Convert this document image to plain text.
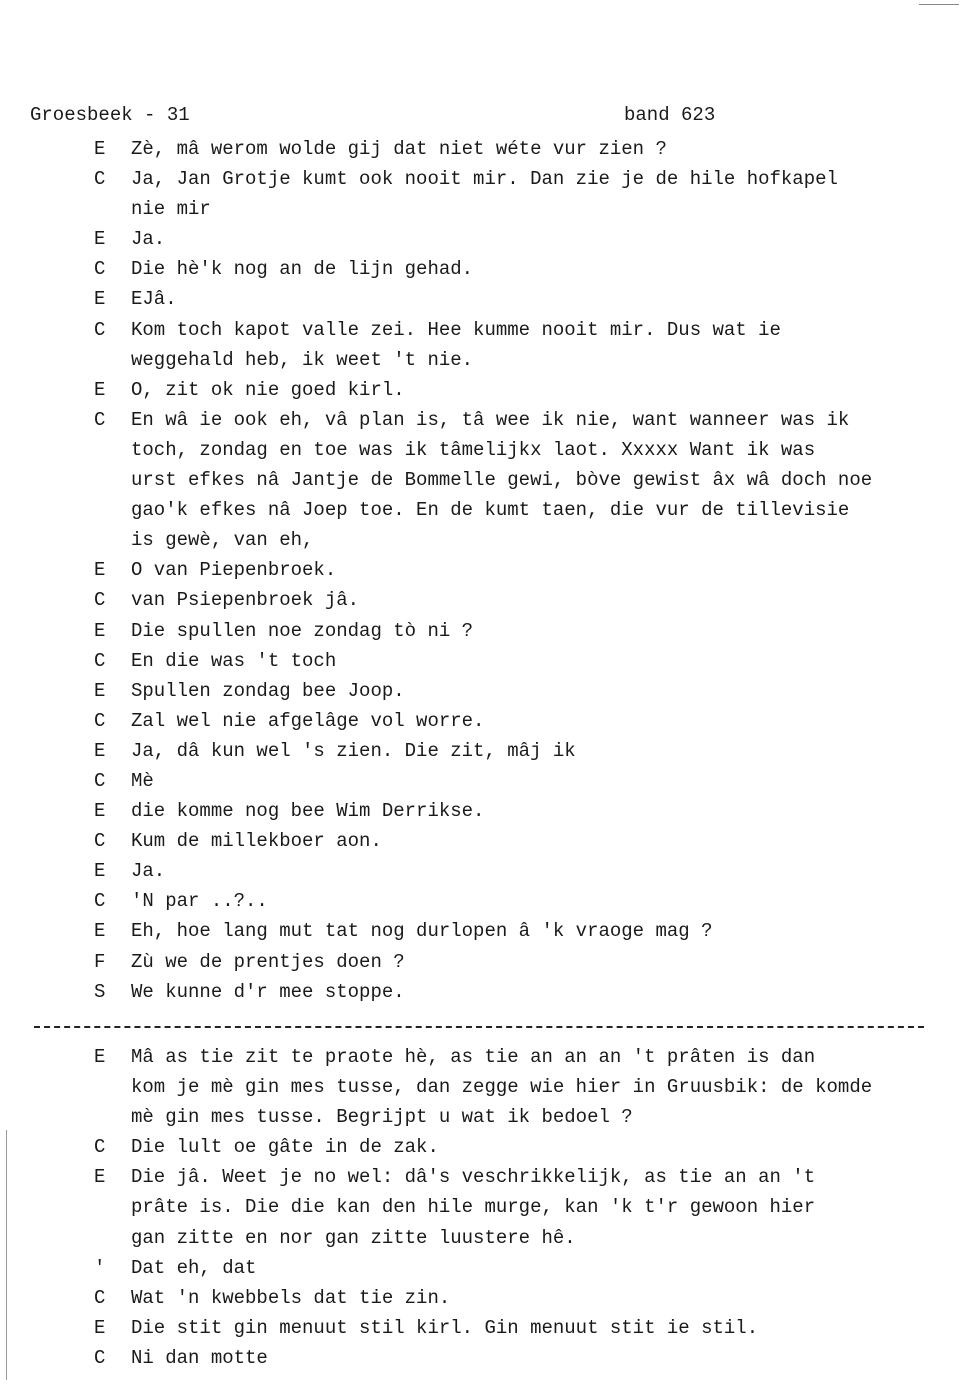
Groesbeek - 31	band 623
E	Zè, mâ werom wolde gij dat niet wéte vur zien ?
C	Ja, Jan Grotje kumt ook nooit mir. Dan zie je de hile hofkapel
nie mir
E	Ja.
C	Die hè'k nog an de lijn gehad.
E	EJâ.
C	Kom toch kapot valle zei. Hee kumme nooit mir. Dus wat ie
weggehald heb, ik weet 't nie.
E	O, zit ok nie goed kirl.
C	En wâ ie ook eh, vâ plan is, tâ wee ik nie, want wanneer was ik
toch, zondag en toe was ik tâmelijkx laot. Xxxxx Want ik was
urst efkes nâ Jantje de Bommelle gewi, bòve gewist âx wâ doch noe
gao'k efkes nâ Joep toe. En de kumt taen, die vur de tillevisie
is gewè, van eh,
E	O van Piepenbroek.
C	van Psiepenbroek jâ.
E	Die spullen noe zondag tò ni ?
C	En die was 't toch
E	Spullen zondag bee Joop.
C	Zal wel nie afgelâge vol worre.
E	Ja, dâ kun wel 's zien. Die zit, mâj ik
C	Mè
E	die komme nog bee Wim Derrikse.
C	Kum de millekboer aon.
E	Ja.
C	'N par ..?..
E	Eh, hoe lang mut tat nog durlopen â 'k vraoge mag ?
F	Zù we de prentjes doen ?
S	We kunne d'r mee stoppe.
E	Mâ as tie zit te praote hè, as tie an an an 't prâten is dan
kom je mè gin mes tusse, dan zegge wie hier in Gruusbik: de komde
mè gin mes tusse. Begrijpt u wat ik bedoel ?
C	Die lult oe gâte in de zak.
E	Die jâ. Weet je no wel: dâ's veschrikkelijk, as tie an an 't
prâte is. Die die kan den hile murge, kan 'k t'r gewoon hier
gan zitte en nor gan zitte luustere hê.
'	Dat eh, dat
C	Wat 'n kwebbels dat tie zin.
E	Die stit gin menuut stil kirl. Gin menuut stit ie stil.
C	Ni dan motte
